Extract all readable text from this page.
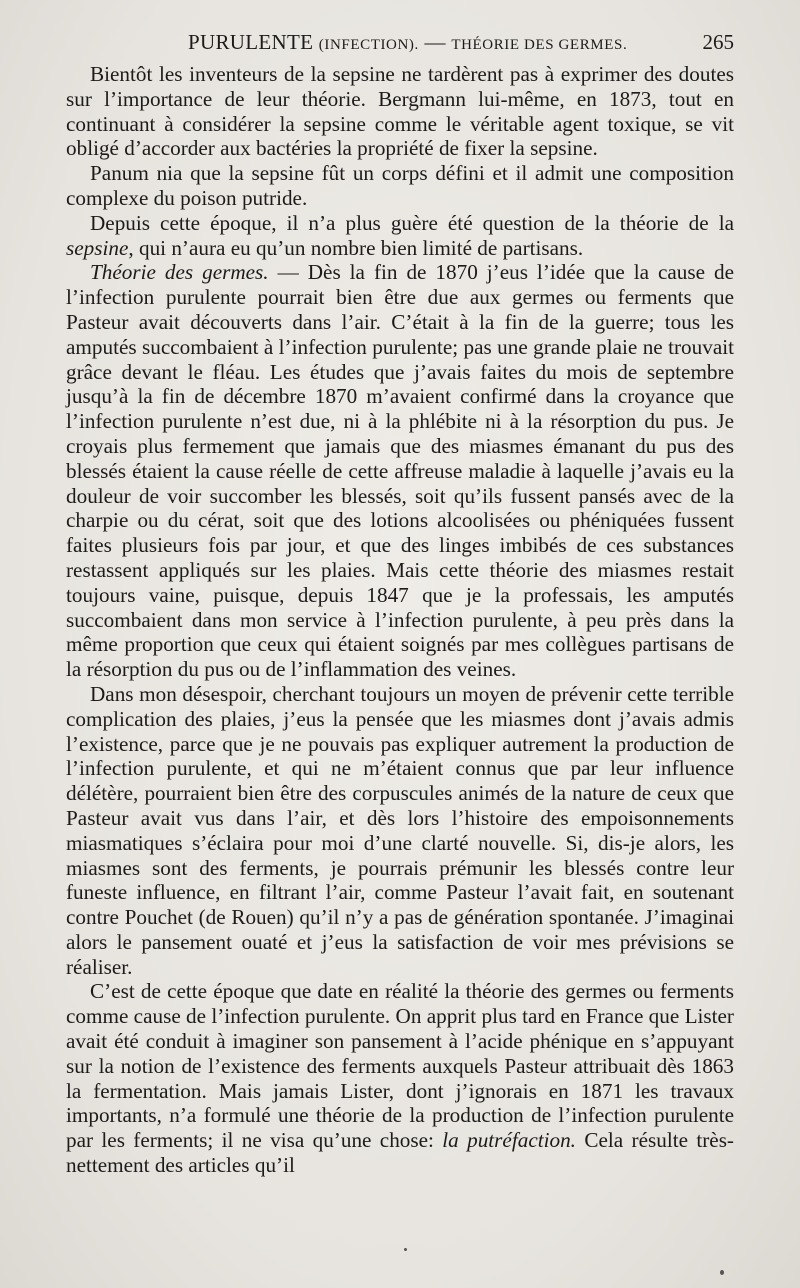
PURULENTE (INFECTION). — THÉORIE DES GERMES.	265

Bientôt les inventeurs de la sepsine ne tardèrent pas à exprimer des doutes sur l’importance de leur théorie. Bergmann lui-même, en 1873, tout en continuant à considérer la sepsine comme le véritable agent toxique, se vit obligé d’accorder aux bactéries la propriété de fixer la sepsine.

Panum nia que la sepsine fût un corps défini et il admit une composition complexe du poison putride.

Depuis cette époque, il n’a plus guère été question de la théorie de la sepsine, qui n’aura eu qu’un nombre bien limité de partisans.

Théorie des germes. — Dès la fin de 1870 j’eus l’idée que la cause de l’infection purulente pourrait bien être due aux germes ou ferments que Pasteur avait découverts dans l’air. C’était à la fin de la guerre; tous les amputés succombaient à l’infection purulente; pas une grande plaie ne trouvait grâce devant le fléau. Les études que j’avais faites du mois de septembre jusqu’à la fin de décembre 1870 m’avaient confirmé dans la croyance que l’infection purulente n’est due, ni à la phlébite ni à la résorption du pus. Je croyais plus fermement que jamais que des miasmes émanant du pus des blessés étaient la cause réelle de cette affreuse maladie à laquelle j’avais eu la douleur de voir succomber les blessés, soit qu’ils fussent pansés avec de la charpie ou du cérat, soit que des lotions alcoolisées ou phéniquées fussent faites plusieurs fois par jour, et que des linges imbibés de ces substances restassent appliqués sur les plaies. Mais cette théorie des miasmes restait toujours vaine, puisque, depuis 1847 que je la professais, les amputés succombaient dans mon service à l’infection purulente, à peu près dans la même proportion que ceux qui étaient soignés par mes collègues partisans de la résorption du pus ou de l’inflammation des veines.

Dans mon désespoir, cherchant toujours un moyen de prévenir cette terrible complication des plaies, j’eus la pensée que les miasmes dont j’avais admis l’existence, parce que je ne pouvais pas expliquer autrement la production de l’infection purulente, et qui ne m’étaient connus que par leur influence délétère, pourraient bien être des corpuscules animés de la nature de ceux que Pasteur avait vus dans l’air, et dès lors l’histoire des empoisonnements miasmatiques s’éclaira pour moi d’une clarté nouvelle. Si, dis-je alors, les miasmes sont des ferments, je pourrais prémunir les blessés contre leur funeste influence, en filtrant l’air, comme Pasteur l’avait fait, en soutenant contre Pouchet (de Rouen) qu’il n’y a pas de génération spontanée. J’imaginai alors le pansement ouaté et j’eus la satisfaction de voir mes prévisions se réaliser.

C’est de cette époque que date en réalité la théorie des germes ou ferments comme cause de l’infection purulente. On apprit plus tard en France que Lister avait été conduit à imaginer son pansement à l’acide phénique en s’appuyant sur la notion de l’existence des ferments auxquels Pasteur attribuait dès 1863 la fermentation. Mais jamais Lister, dont j’ignorais en 1871 les travaux importants, n’a formulé une théorie de la production de l’infection purulente par les ferments; il ne visa qu’une chose: la putréfaction. Cela résulte très-nettement des articles qu’il
